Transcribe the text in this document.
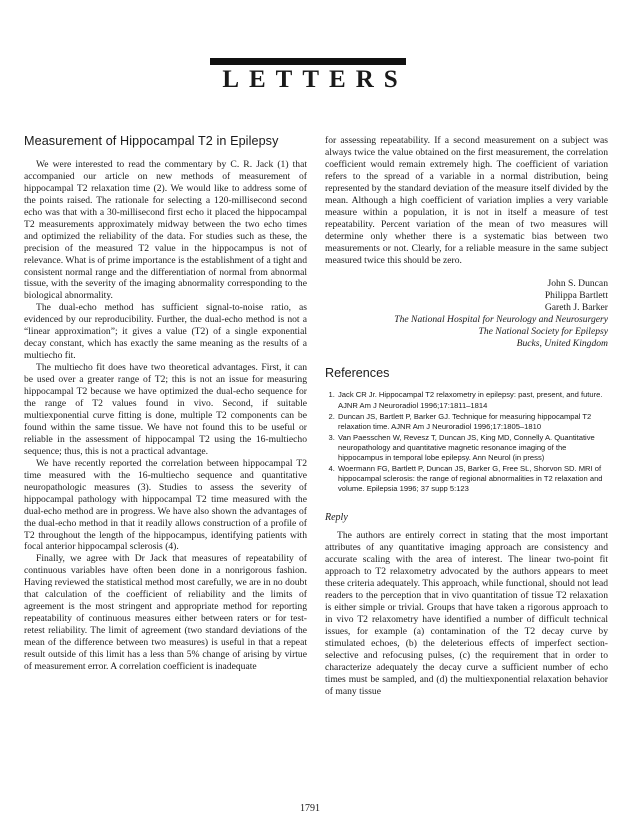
LETTERS
Measurement of Hippocampal T2 in Epilepsy

We were interested to read the commentary by C. R. Jack (1) that accompanied our article on new methods of measurement of hippocampal T2 relaxation time (2). We would like to address some of the points raised. The rationale for selecting a 120-millisecond second echo was that with a 30-millisecond first echo it placed the hippocampal T2 measurements approximately midway between the two echo times and optimized the reliability of the data. For studies such as these, the precision of the measured T2 value in the hippocampus is not of relevance. What is of prime importance is the establishment of a tight and consistent normal range and the differentiation of normal from abnormal tissue, with the severity of the imaging abnormality corresponding to the biological abnormality.

The dual-echo method has sufficient signal-to-noise ratio, as evidenced by our reproducibility. Further, the dual-echo method is not a “linear approximation”; it gives a value (T2) of a single exponential decay constant, which has exactly the same meaning as the results of a multiecho fit.

The multiecho fit does have two theoretical advantages. First, it can be used over a greater range of T2; this is not an issue for measuring hippocampal T2 because we have optimized the dual-echo sequence for the range of T2 values found in vivo. Second, if suitable multiexponential curve fitting is done, multiple T2 components can be found within the same tissue. We have not found this to be useful or reliable in the assessment of hippocampal T2 using the 16-multiecho sequence; thus, this is not a practical advantage.

We have recently reported the correlation between hippocampal T2 time measured with the 16-multiecho sequence and quantitative neuropathologic measures (3). Studies to assess the severity of hippocampal pathology with hippocampal T2 time measured with the dual-echo method are in progress. We have also shown the advantages of the dual-echo method in that it readily allows construction of a profile of T2 throughout the length of the hippocampus, identifying patients with focal anterior hippocampal sclerosis (4).

Finally, we agree with Dr Jack that measures of repeatability of continuous variables have often been done in a nonrigorous fashion. Having reviewed the statistical method most carefully, we are in no doubt that calculation of the coefficient of reliability and the limits of agreement is the most stringent and appropriate method for reporting repeatability of continuous measures either between raters or for test-retest reliability. The limit of agreement (two standard deviations of the mean of the difference between two measures) is useful in that a repeat result outside of this limit has a less than 5% change of arising by virtue of measurement error. A correlation coefficient is inadequate

for assessing repeatability. If a second measurement on a subject was always twice the value obtained on the first measurement, the correlation coefficient would remain extremely high. The coefficient of variation refers to the spread of a variable in a normal distribution, being represented by the standard deviation of the measure itself divided by the mean. Although a high coefficient of variation implies a very variable measure within a population, it is not in itself a measure of test repeatability. Percent variation of the mean of two measures will determine only whether there is a systematic bias between two measurements or not. Clearly, for a reliable measure in the same subject measured twice this should be zero.

John S. Duncan
Philippa Bartlett
Gareth J. Barker
The National Hospital for Neurology and Neurosurgery
The National Society for Epilepsy
Bucks, United Kingdom
References
1. Jack CR Jr. Hippocampal T2 relaxometry in epilepsy: past, present, and future. AJNR Am J Neuroradiol 1996;17:1811–1814
2. Duncan JS, Bartlett P, Barker GJ. Technique for measuring hippocampal T2 relaxation time. AJNR Am J Neuroradiol 1996;17:1805–1810
3. Van Paesschen W, Revesz T, Duncan JS, King MD, Connelly A. Quantitative neuropathology and quantitative magnetic resonance imaging of the hippocampus in temporal lobe epilepsy. Ann Neurol (in press)
4. Woermann FG, Bartlett P, Duncan JS, Barker G, Free SL, Shorvon SD. MRI of hippocampal sclerosis: the range of regional abnormalities in T2 relaxation and volume. Epilepsia 1996; 37 supp 5:123
Reply

The authors are entirely correct in stating that the most important attributes of any quantitative imaging approach are consistency and accurate scaling with the area of interest. The linear two-point fit approach to T2 relaxometry advocated by the authors appears to meet these criteria adequately. This approach, while functional, should not lead readers to the perception that in vivo quantitation of tissue T2 relaxation is either simple or trivial. Groups that have taken a rigorous approach to in vivo T2 relaxometry have identified a number of difficult technical issues, for example (a) contamination of the T2 decay curve by stimulated echoes, (b) the deleterious effects of imperfect section-selective and refocusing pulses, (c) the requirement that in order to characterize adequately the decay curve a sufficient number of echo times must be sampled, and (d) the multiexponential relaxation behavior of many tissue

1791
